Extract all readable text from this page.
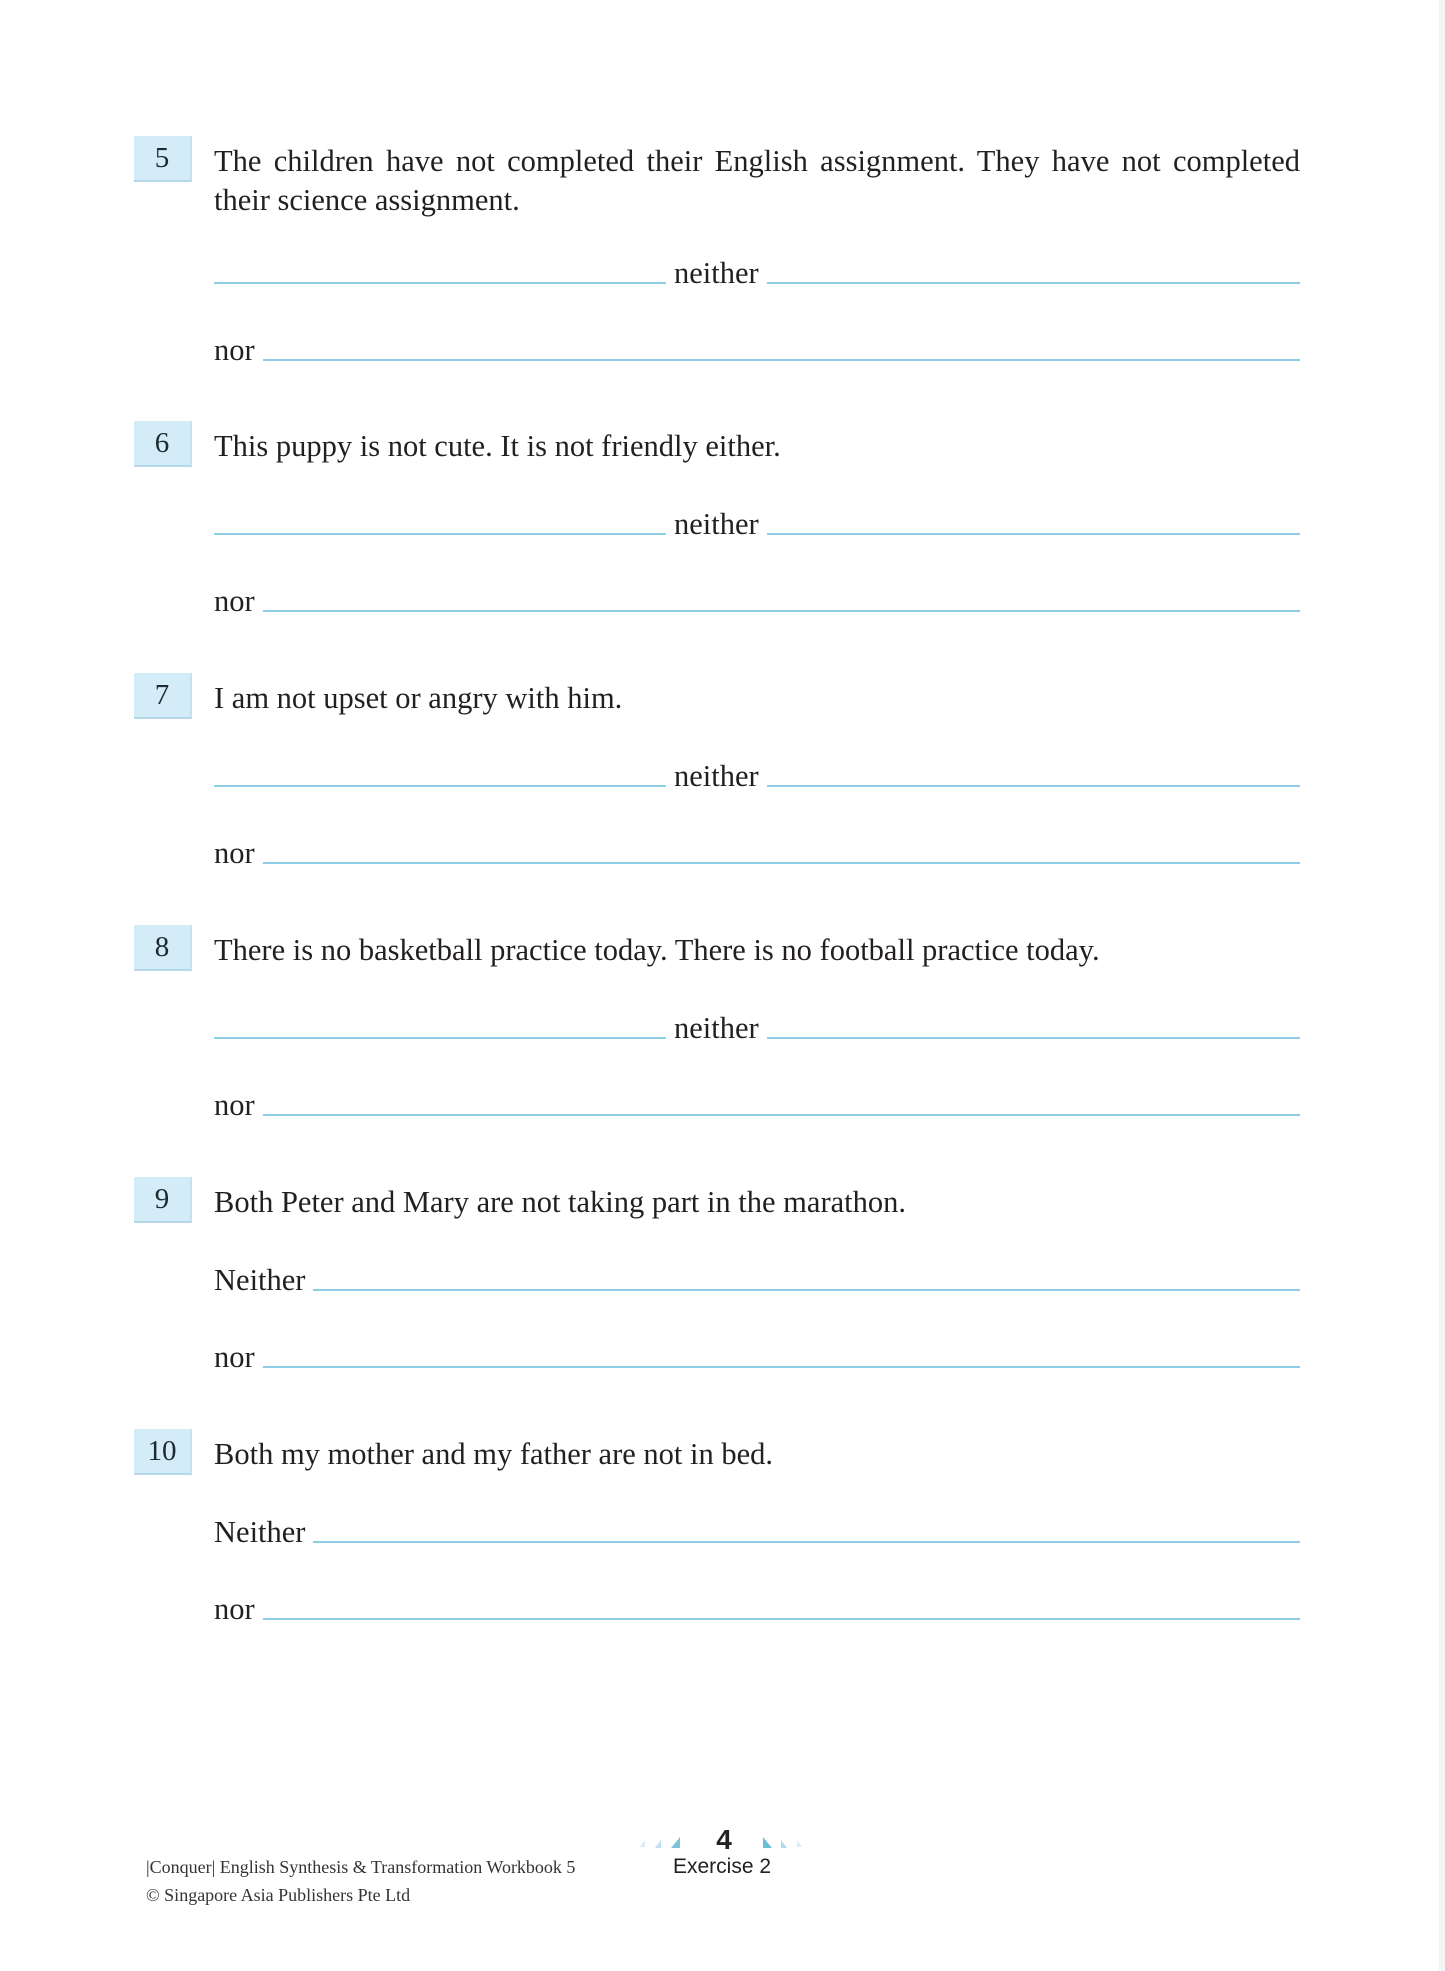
5	The children have not completed their English assignment. They have not completed their science assignment.
neither
nor
6	This puppy is not cute. It is not friendly either.
neither
nor
7	I am not upset or angry with him.
neither
nor
8	There is no basketball practice today. There is no football practice today.
neither
nor
9	Both Peter and Mary are not taking part in the marathon.
Neither
nor
10	Both my mother and my father are not in bed.
Neither
nor
|Conquer| English Synthesis & Transformation Workbook 5
© Singapore Asia Publishers Pte Ltd
4
Exercise 2
